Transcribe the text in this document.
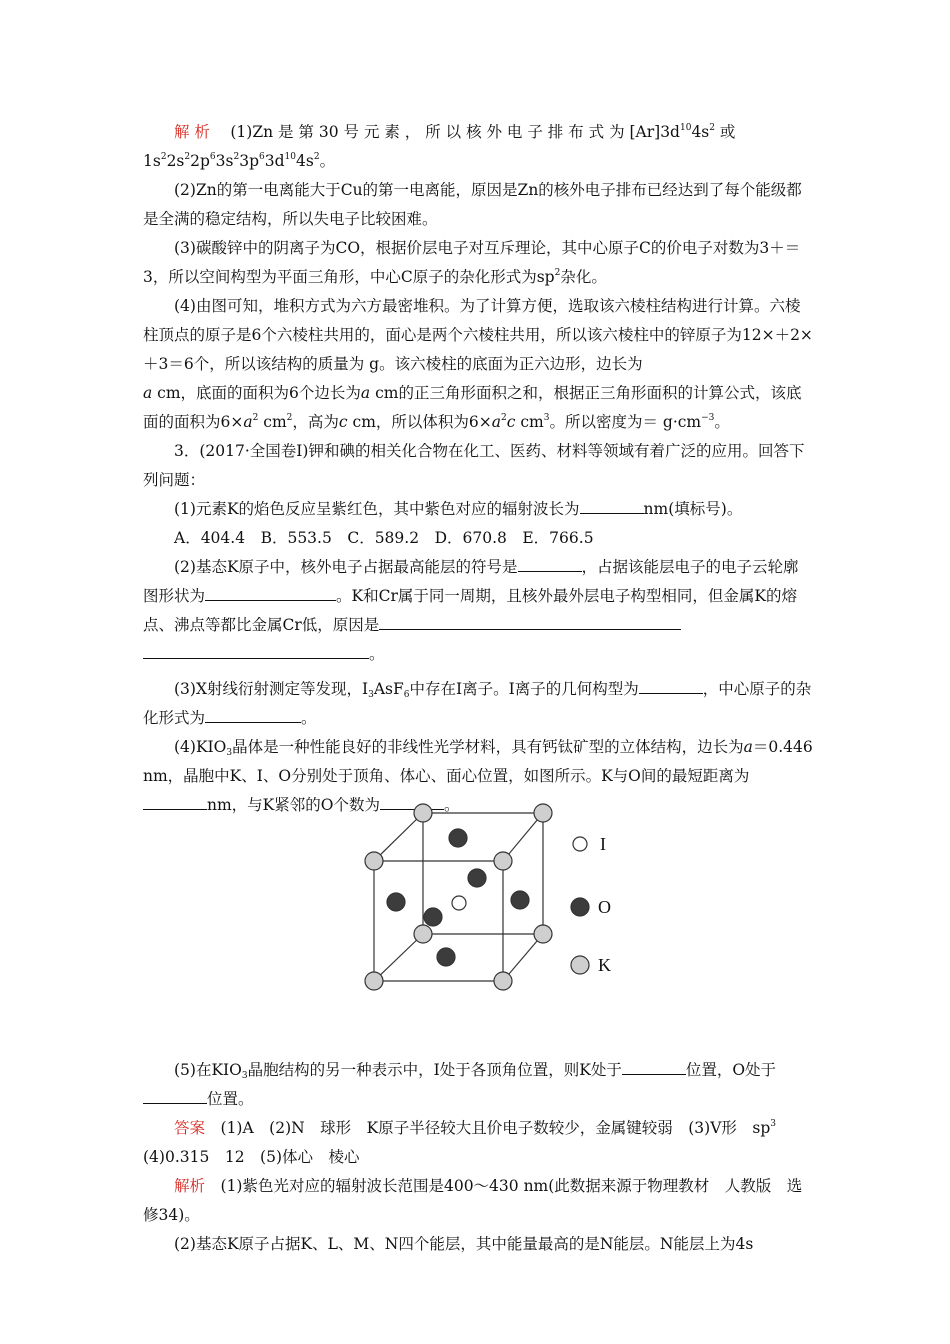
解 析　 (1)Zn 是 第 30 号 元 素 ， 所 以 核 外 电 子 排 布 式 为 $[Ar]3d^{10}4s^2$ 或
$1s^22s^22p^63s^23p^63d^{10}4s^2$。

(2)Zn的第一电离能大于Cu的第一电离能，原因是Zn的核外电子排布已经达到了每个能级都是全满的稳定结构，所以失电子比较困难。

(3)碳酸锌中的阴离子为CO，根据价层电子对互斥理论，其中心原子C的价电子对数为3＋＝3，所以空间构型为平面三角形，中心C原子的杂化形式为$sp^2$杂化。

(4)由图可知，堆积方式为六方最密堆积。为了计算方便，选取该六棱柱结构进行计算。六棱柱顶点的原子是6个六棱柱共用的，面心是两个六棱柱共用，所以该六棱柱中的锌原子为12×＋2×＋3＝6个，所以该结构的质量为 g。该六棱柱的底面为正六边形，边长为
a cm，底面的面积为6个边长为a cm的正三角形面积之和，根据正三角形面积的计算公式，该底面的面积为$6\times a^2$ $cm^2$，高为c cm，所以体积为$6\times a^2c$ $cm^3$。所以密度为＝ $g\cdot cm^{-3}$。

3．(2017·全国卷Ⅰ)钾和碘的相关化合物在化工、医药、材料等领域有着广泛的应用。回答下列问题：

(1)元素K的焰色反应呈紫红色，其中紫色对应的辐射波长为	nm(填标号)。

A．404.4　B．553.5　C．589.2　D．670.8　E．766.5

(2)基态K原子中，核外电子占据最高能层的符号是	，占据该能层电子的电子云轮廓图形状为	。K和Cr属于同一周期，且核外最外层电子构型相同，但金属K的熔点、沸点等都比金属Cr低，原因是
。

(3)X射线衍射测定等发现，$I_3AsF_6$中存在I离子。I离子的几何构型为	，中心原子的杂化形式为	。

$(4)KIO_3$晶体是一种性能良好的非线性光学材料，具有钙钛矿型的立体结构，边长为a＝0.446 nm，晶胞中K、I、O分别处于顶角、体心、面心位置，如图所示。K与O间的最短距离为nm，与K紧邻的O个数为	。

(5)在$KIO_3$晶胞结构的另一种表示中，I处于各顶角位置，则K处于	位置，O处于位置。

答案　(1)A　(2)N　球形　K原子半径较大且价电子数较少，金属键较弱　(3)V形　$sp^3$　(4)0.315　12　(5)体心　棱心

解析　(1)紫色光对应的辐射波长范围是400～430 nm(此数据来源于物理教材　人教版　选修34)。

(2)基态K原子占据K、L、M、N四个能层，其中能量最高的是N能层。N能层上为4s

I
O
K
